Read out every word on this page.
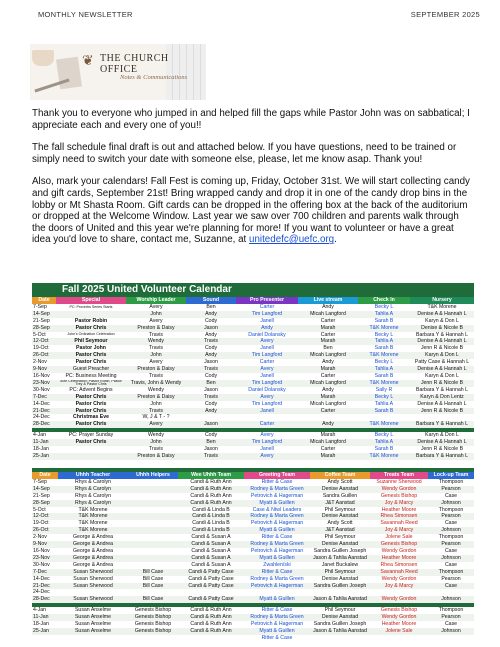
MONTHLY NEWSLETTER	SEPTEMBER 2025
❦ THE CHURCH OFFICE
Notes & Communications

Thank you to everyone who jumped in and helped fill the gaps while Pastor John was on sabbatical; I appreciate each and every one of you!!

The fall schedule final draft is out and attached below. If you have questions, need to be trained or simply need to switch your date with someone else, please, let me know asap. Thank you!

Also, mark your calendars! Fall Fest is coming up, Friday, October 31st. We will start collecting candy and gift cards, September 21st! Bring wrapped candy and drop it in one of the candy drop bins in the lobby or Mt Shasta Room. Gift cards can be dropped in the offering box at the back of the auditorium or dropped at the Welcome Window. Last year we saw over 700 children and parents walk through the doors of United and this year we're planning for more! If you want to volunteer or have a great idea you'd love to share, contact me, Suzanne, at unitedefc@uefc.org.

Fall 2025 United Volunteer Calendar
Date	Special	Worship Leader	Sound	Pro Presenter	Live stream	Check In	Nursery
7-Sep	PC: Proverbs Series Starts	Avery	Ben	Carter	Andy	Becky L	T&K Morene
14-Sep		John	Andy	Tim Langford	Micah Langford	Tahlia A	Denise A & Hannah L
21-Sep	Pastor Robin	Avery	Cody	Janell	Carter	Sarah B	Karyn & Don L
28-Sep	Pastor Chris	Preston & Daisy	Jason	Andy	Marah	T&K Morene	Denise & Nicole B
5-Oct	John's Ordination Celebration	Travis	Andy	Daniel Dolansky	Carter	Becky L	Barbara Y & Hannah L
12-Oct	Phil Seymour	Wendy	Travis	Avery	Marah	Tahlia A	Denise A & Hannah L
19-Oct	Pastor John	Travis	Cody	Janell	Ben	Sarah B	Jenn R & Nicole B
26-Oct	Pastor Chris	John	Andy	Tim Langford	Micah Langford	T&K Morene	Karyn & Don L
2-Nov	Pastor Chris	Avery	Jason	Carter	Andy	Becky L	Patty Case & Hannah L
9-Nov	Guest Preacher	Preston & Daisy	Travis	Avery	Marah	Tahlia A	Denise A & Hannah L
16-Nov	PC: Business Meeting	Travis	Cody	Janell	Carter	Sarah B	Karyn & Don L
23-Nov	50th Celebration: Pastor Robin, Pastor Trey & Pastor Chris	Travis, John & Wendy	Ben	Tim Langford	Micah Langford	T&K Morene	Jenn R & Nicole B
30-Nov	PC: Advent Begins	Wendy	Jason	Daniel Dolansky	Andy	Sally R	Barbara Y & Hannah L
7-Dec	Pastor Chris	Preston & Daisy	Travis	Avery	Marah	Becky L	Karyn & Don Lentz
14-Dec	Pastor Chris	John	Cody	Tim Langford	Micah Langford	Tahlia A	Denise A & Hannah L
21-Dec	Pastor Chris	Travis	Andy	Janell	Carter	Sarah B	Jenn R & Nicole B
24-Dec	Christmas Eve	W, J & T - ?					
28-Dec	Pastor Chris	Avery	Jason	Carter	Andy	T&K Morene	Barbara Y & Hannah L

4-Jan	PC: Prayer Sunday	Wendy	Cody	Avery	Marah	Becky L	Karyn & Don L
11-Jan	Pastor Chris	John	Ben	Tim Langford	Micah Langford	Tahlia A	Denise A & Hannah L
18-Jan		Travis	Jason	Janell	Carter	Sarah B	Jenn R & Nicole B
25-Jan		Preston & Daisy	Travis	Avery	Marah	T&K Morene	Barbara Y & Hannah L

Date	Uhhh Teacher	Uhhh Helpers	Wee Uhhh Team	Greeting Team	Coffee Team	Treats Team	Lock-up Team
7-Sep	Rhys & Carolyn		Candi & Ruth Ann	Ritter & Case	Andy Scott	Suzanne Sherwood	Thompson
14-Sep	Rhys & Carolyn		Candi & Ruth Ann	Rodney & Marta Green	Denise Aanstad	Wendy Gordon	Pearson
21-Sep	Rhys & Carolyn		Candi & Ruth Ann	Petrovich & Hagerman	Sandra Guillen	Genesis Bishop	Case
28-Sep	Rhys & Carolyn		Candi & Ruth Ann	Myatt & Guillen	J&T Aanstad	Joy & Marcy	Johnson
5-Oct	T&K Morene		Candi & Linda B	Case & Ntwl Leaders	Phil Seymour	Heather Moore	Thompson
12-Oct	T&K Morene		Candi & Linda B	Rodney & Marta Green	Denise Aanstad	Rhea Simonsen	Pearson
19-Oct	T&K Morene		Candi & Linda B	Petrovich & Hagerman	Andy Scott	Savannah Reed	Case
26-Oct	T&K Morene		Candi & Linda B	Myatt & Guillen	J&T Aanstad	Joy & Marcy	Johnson
2-Nov	George & Andrea		Candi & Susan A	Ritter & Case	Phil Seymour	Jolene Sale	Thompson
9-Nov	George & Andrea		Candi & Susan A	Rodney & Marta Green	Denise Aanstad	Genesis Bishop	Pearson
16-Nov	George & Andrea		Candi & Susan A	Petrovich & Hagerman	Sandra Guillen Joseph	Wendy Gordon	Case
23-Nov	George & Andrea		Candi & Susan A	Myatt & Guillen	Jason & Tahlia Aanstad	Heather Moore	Johnson
30-Nov	George & Andrea		Candi & Susan A	Zwahlen/ski	Janet Buckalew	Rhea Simonsen	Case
7-Dec	Susan Sherwood	Bill Case	Candi & Patty Case	Ritter & Case	Phil Seymour	Savannah Reed	Thompson
14-Dec	Susan Sherwood	Bill Case	Candi & Patty Case	Rodney & Marta Green	Denise Aanstad	Wendy Gordon	Pearson
21-Dec	Susan Sherwood	Bill Case	Candi & Patty Case	Petrovich & Hagerman	Sandra Guillen Joseph	Joy & Marcy	Case
24-Dec							
28-Dec	Susan Sherwood	Bill Case	Candi & Patty Case	Myatt & Guillen	Jason & Tahlia Aanstad	Wendy Gordon	Johnson

4-Jan	Susan Anselme	Genesis Bishop	Candi & Ruth Ann	Ritter & Case	Phil Seymour	Genesis Bishop	Thompson
11-Jan	Susan Anselme	Genesis Bishop	Candi & Ruth Ann	Rodney & Marta Green	Denise Aanstad	Wendy Gordon	Pearson
18-Jan	Susan Anselme	Genesis Bishop	Candi & Ruth Ann	Petrovich & Hagerman	Sandra Guillen Joseph	Heather Moore	Case
25-Jan	Susan Anselme	Genesis Bishop	Candi & Ruth Ann	Myatt & Guillen	Jason & Tahlia Aanstad	Jolene Sale	Johnson
				Ritter & Case			
